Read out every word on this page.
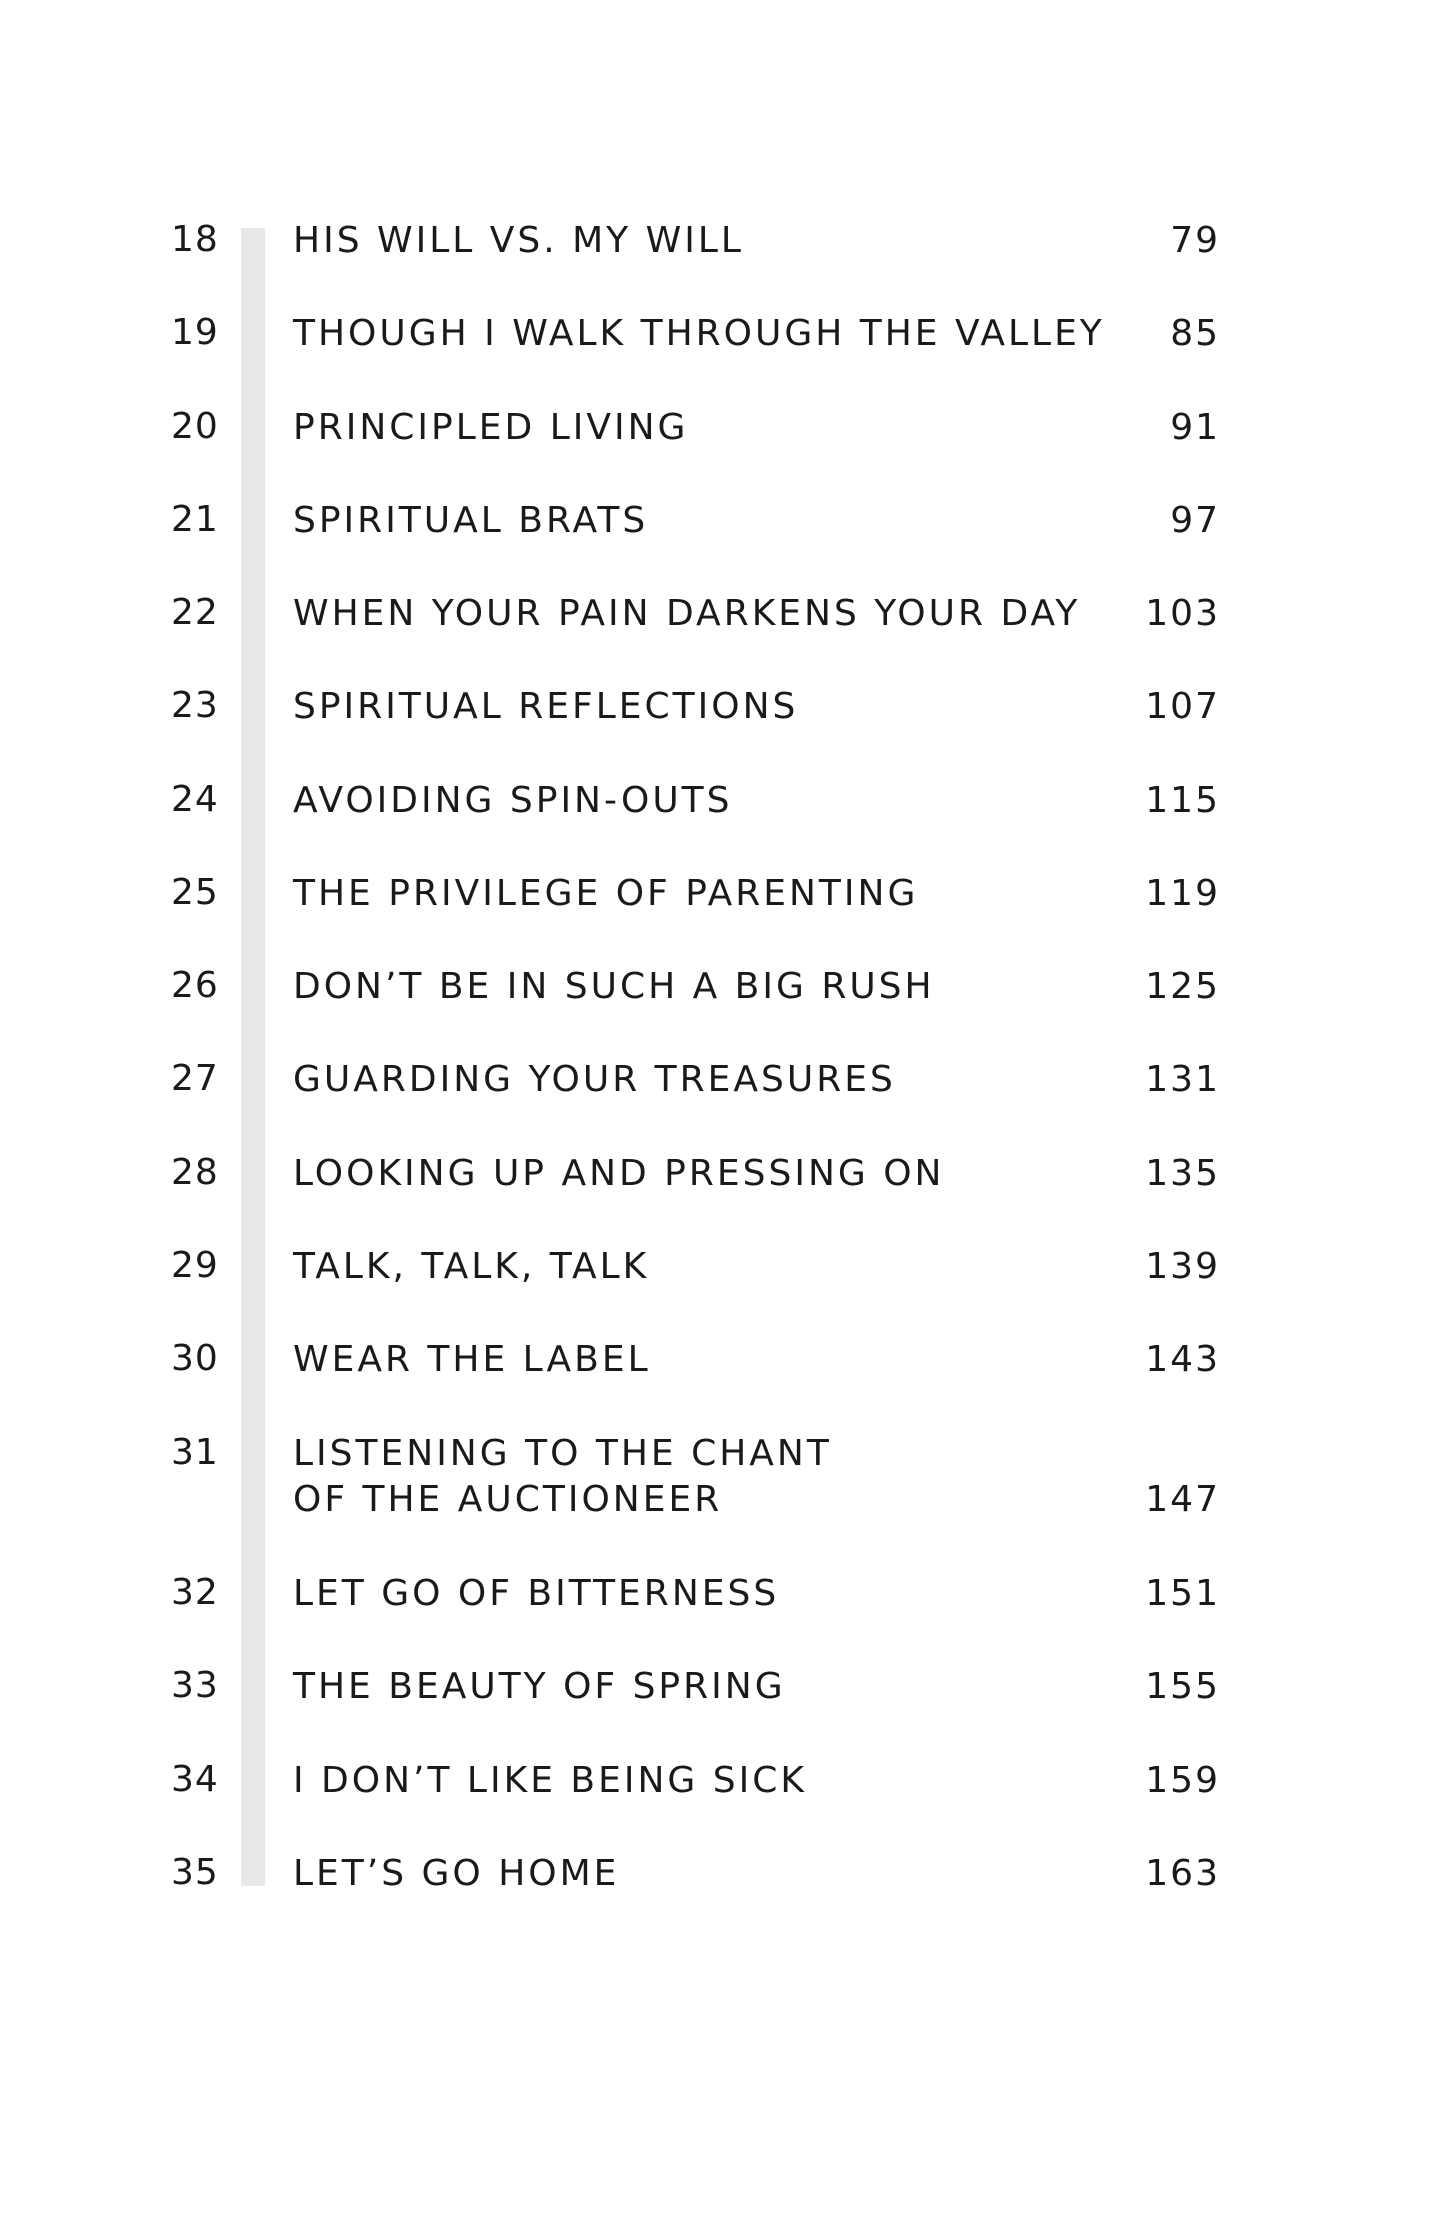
18 HIS WILL VS. MY WILL	79
19 THOUGH I WALK THROUGH THE VALLEY 85
20 PRINCIPLED LIVING	91
21 SPIRITUAL BRATS	97
22 WHEN YOUR PAIN DARKENS YOUR DAY	103
23 SPIRITUAL REFLECTIONS	107
24 AVOIDING SPIN-OUTS	115
25 THE PRIVILEGE OF PARENTING	119
26 DON’T BE IN SUCH A BIG RUSH	125
27 GUARDING YOUR TREASURES	131
28 LOOKING UP AND PRESSING ON	135
29 TALK, TALK, TALK	139
30 WEAR THE LABEL	143
31 LISTENING TO THE CHANT
OF THE AUCTIONEER	147
32 LET GO OF BITTERNESS	151
33 THE BEAUTY OF SPRING	155
34 I DON’T LIKE BEING SICK	159
35 LET’S GO HOME	163
